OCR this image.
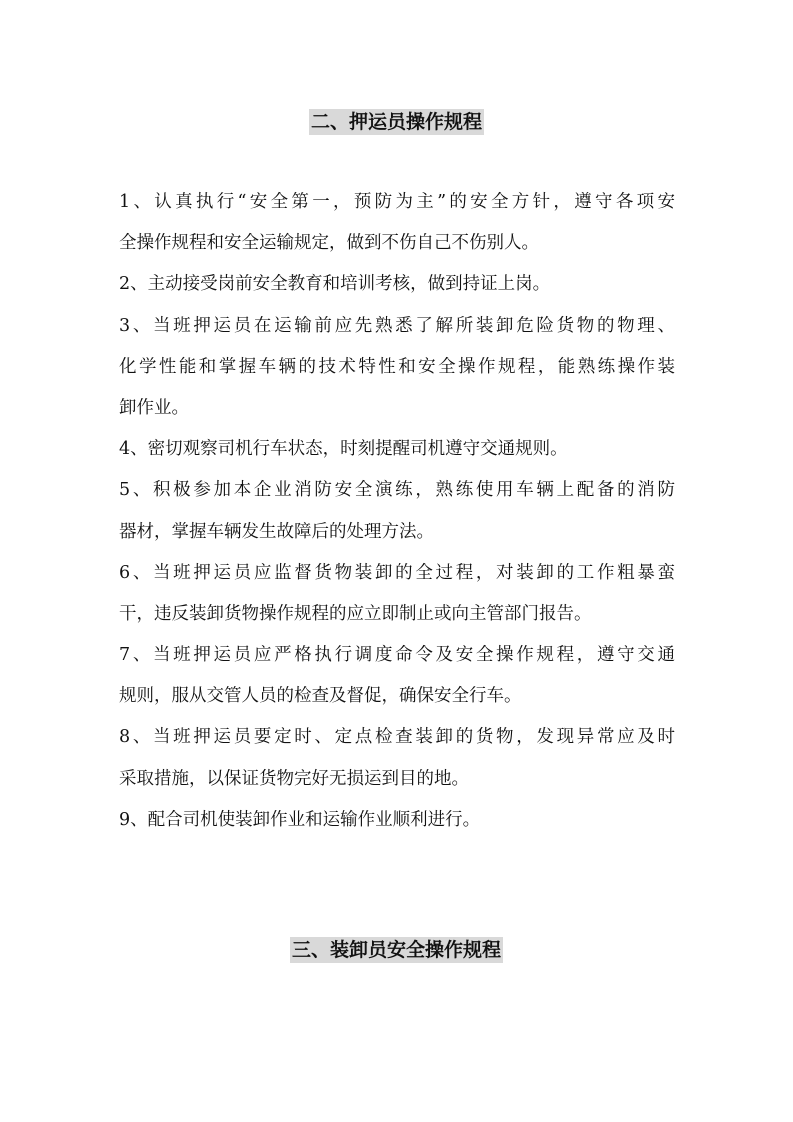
二、押运员操作规程
1、认真执行“安全第一，预防为主”的安全方针，遵守各项安
全操作规程和安全运输规定，做到不伤自己不伤别人。
2、主动接受岗前安全教育和培训考核，做到持证上岗。
3、当班押运员在运输前应先熟悉了解所装卸危险货物的物理、
化学性能和掌握车辆的技术特性和安全操作规程，能熟练操作装
卸作业。
4、密切观察司机行车状态，时刻提醒司机遵守交通规则。
5、积极参加本企业消防安全演练，熟练使用车辆上配备的消防
器材，掌握车辆发生故障后的处理方法。
6、当班押运员应监督货物装卸的全过程，对装卸的工作粗暴蛮
干，违反装卸货物操作规程的应立即制止或向主管部门报告。
7、当班押运员应严格执行调度命令及安全操作规程，遵守交通
规则，服从交管人员的检查及督促，确保安全行车。
8、当班押运员要定时、定点检查装卸的货物，发现异常应及时
采取措施，以保证货物完好无损运到目的地。
9、配合司机使装卸作业和运输作业顺利进行。
三、装卸员安全操作规程
